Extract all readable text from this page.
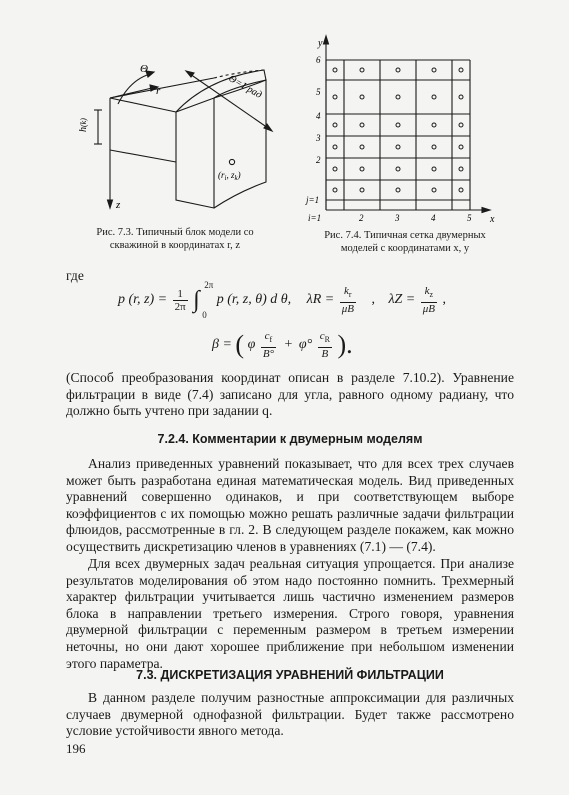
Θ
r	Θ=1 рад
h(k)
($r_i$, $z_k$)
z
Рис. 7.3. Типичный блок модели со
скважиной в координатах r, z
y
x
6
5
4
3
2
j=1
i=1	2	3	4	5
Рис. 7.4. Типичная сетка двумерных
моделей с координатами x, y
где
p (r, $z) = \frac{1}{2\pi}$
∫
2π
0
p (r, z, θ) d θ, $\lambda R = \frac{k_r}{\mu B}$ , $\lambda Z = \frac{k_z}{\mu B}$ ,
β = ( φ $\frac{c_f}{B^\circ} + \varphi^\circ \frac{c_R}{B}$ ).

(Способ преобразования координат описан в разделе 7.10.2). Уравнение фильтрации в виде (7.4) записано для угла, равного одному радиану, что должно быть учтено при задании q.

7.2.4. Комментарии к двумерным моделям

Анализ приведенных уравнений показывает, что для всех трех случаев может быть разработана единая математическая модель. Вид приведенных уравнений совершенно одинаков, и при соответствующем выборе коэффициентов с их помощью можно решать различные задачи фильтрации флюидов, рассмотренные в гл. 2. В следующем разделе покажем, как можно осуществить дискретизацию членов в уравнениях (7.1) — (7.4).

Для всех двумерных задач реальная ситуация упрощается. При анализе результатов моделирования об этом надо постоянно помнить. Трехмерный характер фильтрации учитывается лишь частично изменением размеров блока в направлении третьего измерения. Строго говоря, уравнения двумерной фильтрации с переменным размером в третьем измерении неточны, но они дают хорошее приближение при небольшом изменении этого параметра.

7.3. ДИСКРЕТИЗАЦИЯ УРАВНЕНИЙ ФИЛЬТРАЦИИ

В данном разделе получим разностные аппроксимации для различных случаев двумерной однофазной фильтрации. Будет также рассмотрено условие устойчивости явного метода.

196
